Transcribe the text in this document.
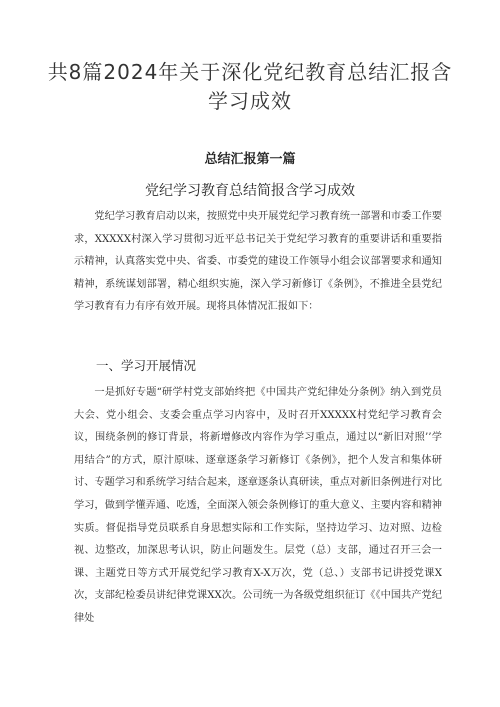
共8篇2024年关于深化党纪教育总结汇报含学习成效
总结汇报第一篇
党纪学习教育总结简报含学习成效

党纪学习教育启动以来，按照党中央开展党纪学习教育统一部署和市委工作要求，XXXXX村深入学习贯彻习近平总书记关于党纪学习教育的重要讲话和重要指示精神，认真落实党中央、省委、市委党的建设工作领导小组会议部署要求和通知精神，系统谋划部署，精心组织实施，深入学习新修订《条例》，不推进全县党纪学习教育有力有序有效开展。现将具体情况汇报如下：

一、学习开展情况

一是抓好专题“研学村党支部始终把《中国共产党纪律处分条例》纳入到党员大会、党小组会、支委会重点学习内容中，及时召开XXXXX村党纪学习教育会议，围绕条例的修订背景，将新增修改内容作为学习重点，通过以“新旧对照’’学用结合”的方式，原汁原味、逐章逐条学习新修订《条例》，把个人发言和集体研讨、专题学习和系统学习结合起来，逐章逐条认真研读，重点对新旧条例进行对比学习，做到学懂弄通、吃透，全面深入领会条例修订的重大意义、主要内容和精神实质。督促指导党员联系自身思想实际和工作实际，坚持边学习、边对照、边检视、边整改，加深思考认识，防止问题发生。层党（总）支部，通过召开三会一课、主题党日等方式开展党纪学习教育X-X万次，党（总、）支部书记讲授党课X次，支部纪检委员讲纪律党课XX次。公司统一为各级党组织征订《《中国共产党纪律处
